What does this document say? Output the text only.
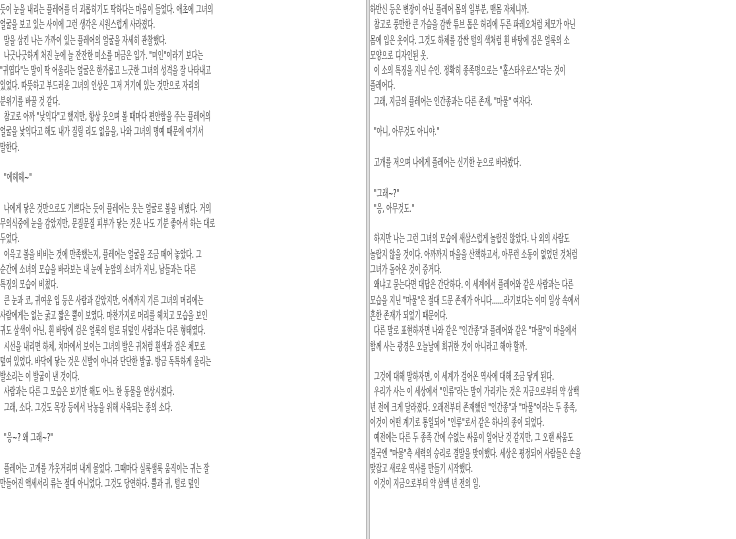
듯이 눈을 내리는 플레어를 더 괴롭히기도 딱하다는 마음이 들었다. 애초에 그녀의
얼굴을 보고 있는 사이에 그런 생각은 시원스럽게 사라졌다.
말을 삼킨 나는 가까이 있는 플레어의 얼굴을 자세히 관찰했다.
나긋나긋하게 처진 눈에 늘 잔잔한 미소를 머금은 입가. "미인"이라기 보다는
"귀엽다"는 말이 딱 어울리는 얼굴은 한가롭고 느긋한 그녀의 성격을 잘 나타내고
있었다. 따뜻하고 부드러운 그녀의 인상은 그저 거기에 있는 것만으로 자리의
분위기를 바꿀 것 같다.
참고로 아까 "낮익다"고 했지만, 항상 웃으며 볼 때마다 편안함을 주는 플레어의
얼굴을 낯익다고 해도 내가 질릴 리도 없음을, 나와 그녀의 명예 때문에 여기서
말한다.
"에헤헤~"
나에게 닿은 것만으로도 기쁘다는 듯이 플레어는 웃는 얼굴로 볼을 비볐다. 거의
무의식중에 눈을 감았지만, 문질문질 피부가 닿는 것은 나도 기분 좋아서 하는 대로
두었다.
이윽고 볼을 비비는 것에 만족했는지, 플레어는 얼굴을 조금 떼어 놓았다. 그
순간에 소녀의 모습을 바라보는 내 눈에 눈앞의 소녀가 지닌, 남들과는 다른
특징의 모습이 비쳤다.
큰 눈과 코, 귀여운 입 등은 사람과 같았지만, 어깨까지 기른 그녀의 머리에는
사람에게는 없는 굵고 짧은 뿔이 보였다. 마찬가지로 머리를 헤치고 모습을 보인
귀도 살색이 아닌, 흰 바탕에 검은 얼룩의 털로 뒤덮인 사람과는 다른 형태였다.
시선을 내리면 하체, 치마에서 보이는 그녀의 발은 귀처럼 흰색과 검은 체모로
덮여 있었다. 바닥에 닿는 것은 신발이 아니라 단단한 발굽. 방금 독특하게 울리는
발소리는 이 발굽이 낸 것이다.
사람과는 다른 그 모습은 보기만 해도 어느 한 동물을 연상시켰다.
그래, 소다. 그것도 목장 등에서 낙농을 위해 사육되는 종의 소다.
"응~? 왜 그래~?"
플레어는 고개를 갸웃거리며 내게 물었다. 그때마다 실룩샐룩 움직이는 귀는 잘
만들어진 액세서리 류는 절대 아니었다. 그것도 당연하다. 뿔과 귀, 털로 덮인
하반신 등은 변장이 아닌 플레어 몸의 일부분, 맨몸 자체니까.
참고로 풍만한 큰 가슴을 감싼 튜브 톱은 허리에 두른 파레오처럼 체모가 아닌
몸에 입은 옷이다. 그것도 하체를 감싼 털의 색처럼 흰 바탕에 검은 얼룩의 소
모양으로 디자인된 옷.
이 소의 특징을 지닌 수인. 정확히 종족명으로는 "홀스타우로스"라는 것이
플레어다.
그래, 지금의 플레어는 인간종과는 다른 존재, "마물" 여자다.
"아니, 아무것도 아니야."
고개를 저으며 나에게 플레어는 신기한 눈으로 바라봤다.
"그래~?"
"응, 아무것도."
하지만 나는 그런 그녀의 모습에 새삼스럽게 놀랍진 않았다. 나 외의 사람도
놀랍지 않을 것이다. 아까까지 마을을 산책하고서, 아무런 소동이 없었던 것처럼
그녀가 돌아온 것이 증거다.
왜냐고 묻는다면 대답은 간단하다. 이 세계에서 플레어와 같은 사람과는 다른
모습을 지닌 "마물"은 절대 드문 존재가 아니다……라기보다는 이미 일상 속에서
흔한 존재가 되었기 때문이다.
다른 말로 표현하자면 나와 같은 "인간종"과 플레어와 같은 "마물"이 마을에서
함께 사는 광경은 오늘날에 희귀한 것이 아니라고 해야 할까.
그것에 대해 말하자면, 이 세계가 걸어온 역사에 대해 조금 닿게 된다.
우리가 사는 이 세상에서 "인류"라는 말이 가리키는 것은 지금으로부터 약 삼백
년 전에 크게 달라졌다. 오래전부터 존재했던 "인간종"과 "마물"이라는 두 종족,
이것이 어떤 계기로 통일되어 "인류"로서 같은 하나의 종이 되었다.
예전에는 다른 두 종족 간에 수없는 싸움이 일어난 것 같지만, 그 오랜 싸움도
결국엔 "마물"측 세력의 승리로 결말을 맞이했다. 세상은 평정되어 사람들은 손을
맞잡고 새로운 역사를 만들기 시작했다.
이것이 지금으로부터 약 삼백 년 전의 일.
